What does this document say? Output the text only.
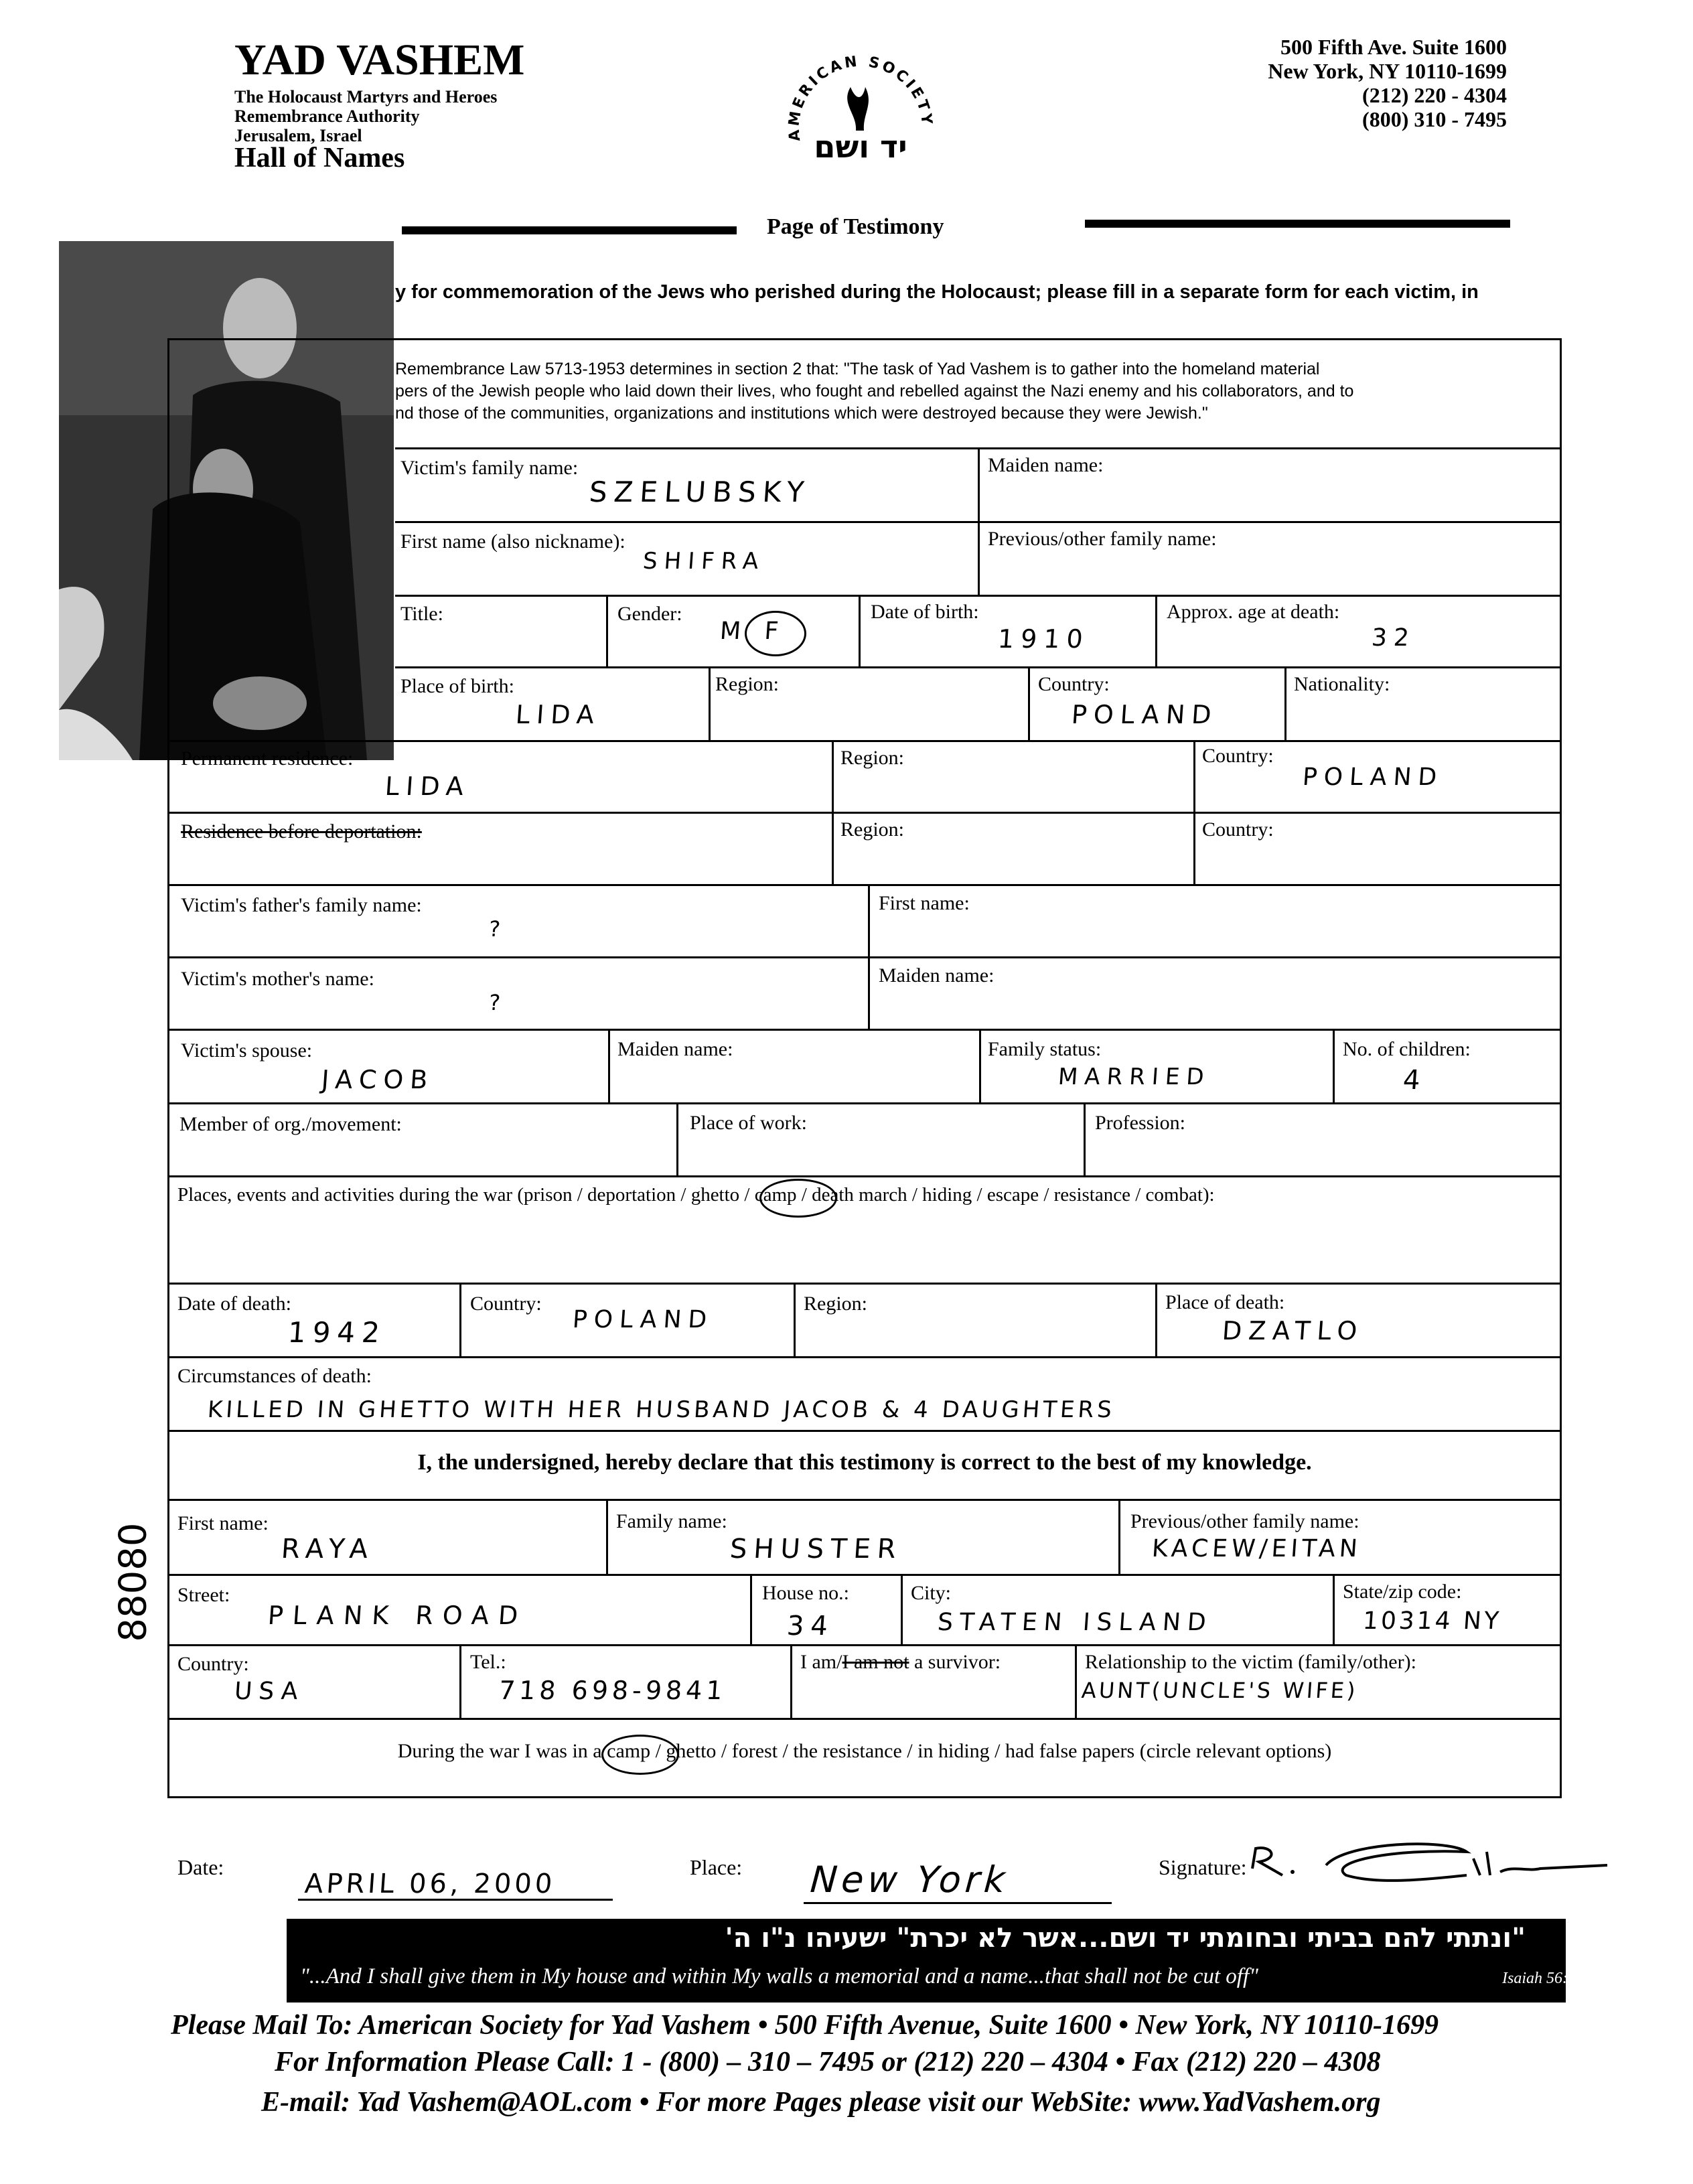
YAD VASHEM
The Holocaust Martyrs and Heroes
Remembrance Authority
Jerusalem, Israel
Hall of Names
500 Fifth Ave. Suite 1600
New York, NY 10110-1699
(212) 220 - 4304
(800) 310 - 7495
AMERICAN SOCIETY
יד ושם
Page of Testimony
y for commemoration of the Jews who perished during the Holocaust; please fill in a separate form for each victim, in
Remembrance Law 5713-1953 determines in section 2 that: "The task of Yad Vashem is to gather into the homeland material
pers of the Jewish people who laid down their lives, who fought and rebelled against the Nazi enemy and his collaborators, and to
nd those of the communities, organizations and institutions which were destroyed because they were Jewish."
Victim's family name:
SZELUBSKY
Maiden name:
First name (also nickname):
SHIFRA
Previous/other family name:
Title:	Gender:
M F
Date of birth:
1910
Approx. age at death:
32
Place of birth:
LIDA
Region:	Country:
POLAND
Nationality:
Permanent residence:
LIDA
Region:	Country:
POLAND
Residence before deportation:	Region:	Country:
Victim's father's family name:
?
First name:
Victim's mother's name:
?
Maiden name:
Victim's spouse:
JACOB
Maiden name:	Family status:
MARRIED
No. of children:
4
Member of org./movement:	Place of work:	Profession:
Places, events and activities during the war (prison / deportation / ghetto / camp / death march / hiding / escape / resistance / combat):
Date of death:
1942
Country:
POLAND
Region:	Place of death:
DZATLO
Circumstances of death:
KILLED IN GHETTO WITH HER HUSBAND JACOB & 4 DAUGHTERS
I, the undersigned, hereby declare that this testimony is correct to the best of my knowledge.
First name:
RAYA
Family name:
SHUSTER
Previous/other family name:
KACEW/EITAN
Street:
PLANK ROAD
House no.:
34
City:
STATEN ISLAND
State/zip code:
10314 NY
Country:
USA
Tel.:
718 698-9841
I am/I am not a survivor:	Relationship to the victim (family/other):
AUNT(UNCLE'S WIFE)
During the war I was in a camp / ghetto / forest / the resistance / in hiding / had false papers (circle relevant options)
88080
Date:
APRIL 06, 2000
Place: New York	Signature:
"ונתתי להם בביתי ובחומתי יד ושם...אשר לא יכרת" ישעיהו נ"ו ה'
"...And I shall give them in My house and within My walls a memorial and a name...that shall not be cut off"	Isaiah 56:5
Please Mail To: American Society for Yad Vashem • 500 Fifth Avenue, Suite 1600 • New York, NY 10110-1699
For Information Please Call: 1 - (800) – 310 – 7495 or (212) 220 – 4304 • Fax (212) 220 – 4308
E-mail: Yad Vashem@AOL.com • For more Pages please visit our WebSite: www.YadVashem.org
